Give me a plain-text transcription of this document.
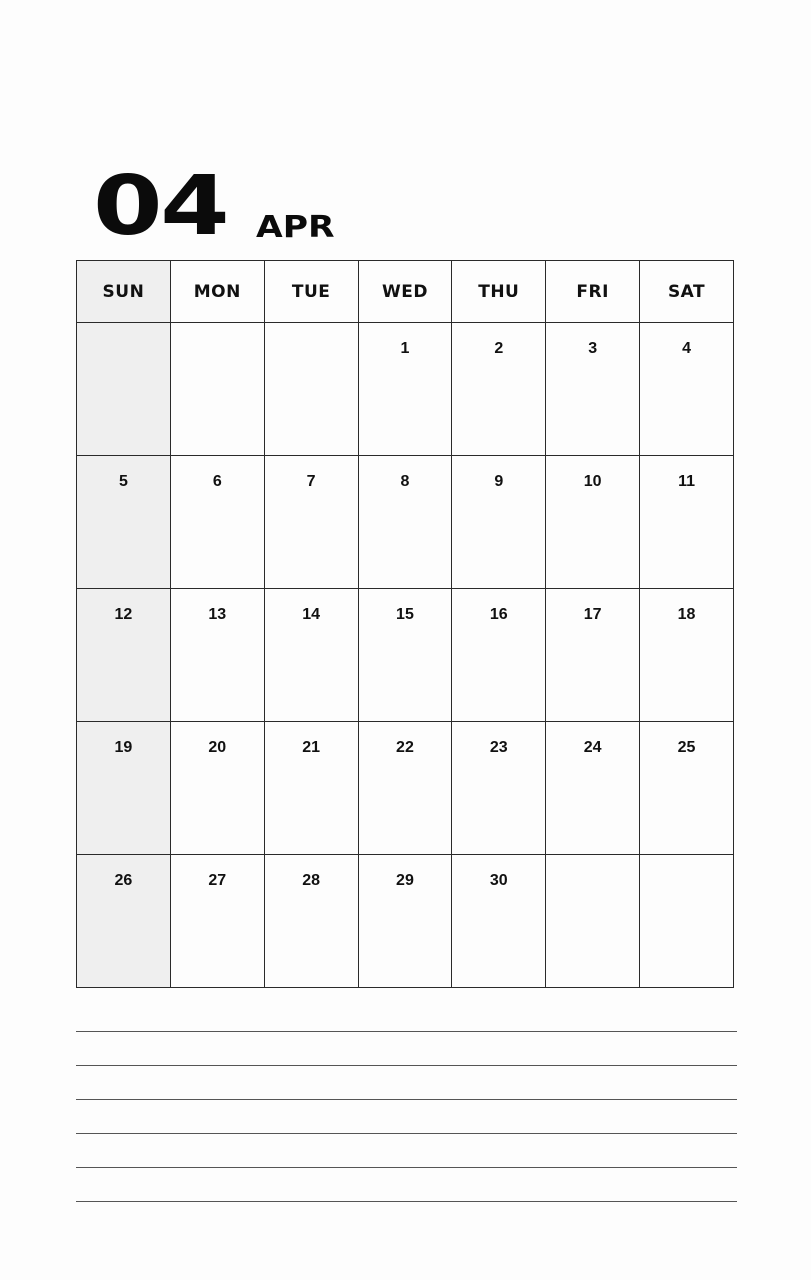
04 APR
SUN	MON	TUE	WED	THU	FRI	SAT

			1	2	3	4

5	6	7	8	9	10	11

12	13	14	15	16	17	18

19	20	21	22	23	24	25

26	27	28	29	30		
